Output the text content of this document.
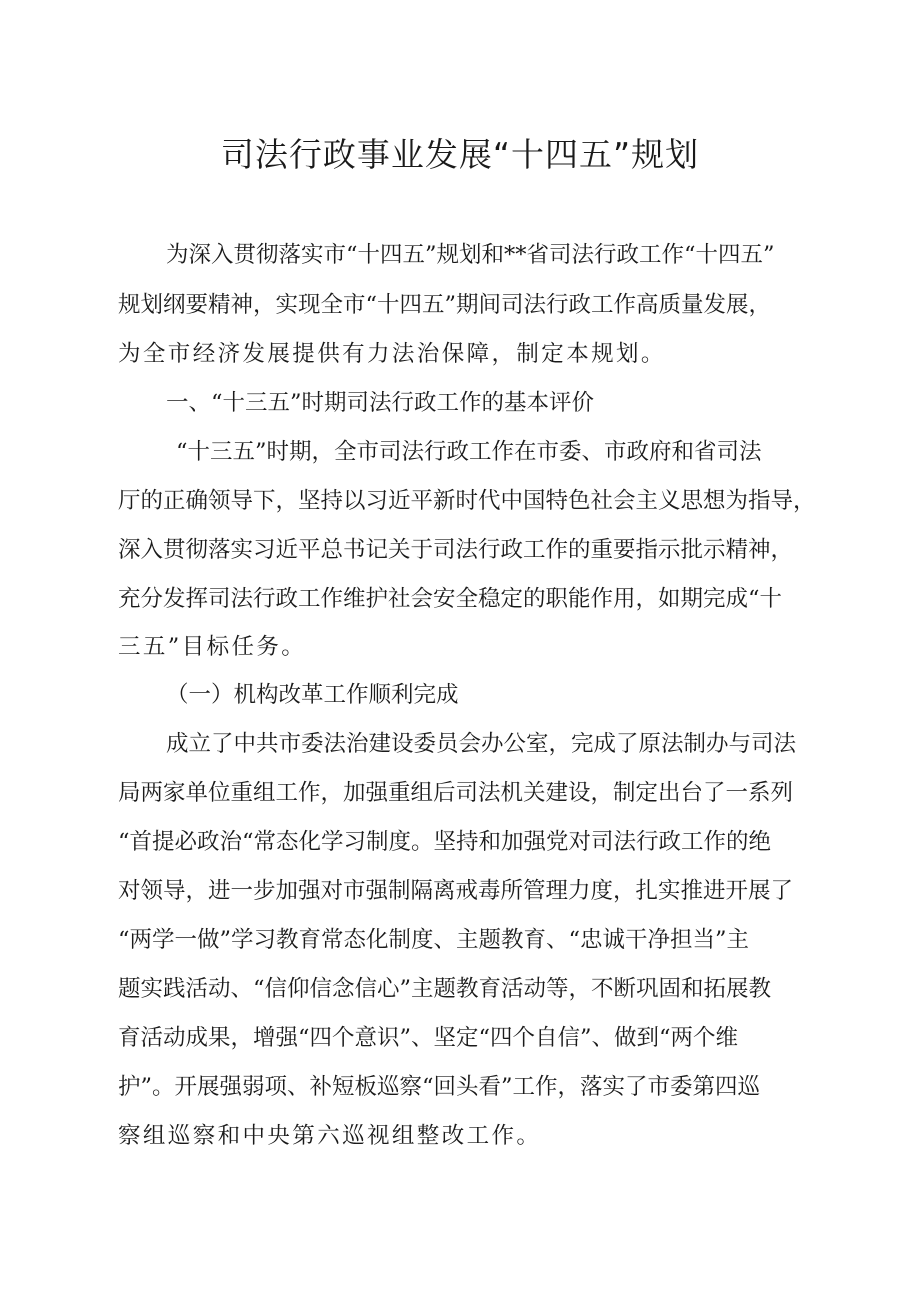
司法行政事业发展“十四五”规划

为深入贯彻落实市“十四五”规划和**省司法行政工作“十四五”

规划纲要精神，实现全市“十四五”期间司法行政工作高质量发展，

为全市经济发展提供有力法治保障，制定本规划。

一、“十三五”时期司法行政工作的基本评价

“十三五”时期，全市司法行政工作在市委、市政府和省司法

厅的正确领导下，坚持以习近平新时代中国特色社会主义思想为指导，

深入贯彻落实习近平总书记关于司法行政工作的重要指示批示精神，

充分发挥司法行政工作维护社会安全稳定的职能作用，如期完成“十

三五”目标任务。

（一）机构改革工作顺利完成

成立了中共市委法治建设委员会办公室，完成了原法制办与司法

局两家单位重组工作，加强重组后司法机关建设，制定出台了一系列

“首提必政治“常态化学习制度。坚持和加强党对司法行政工作的绝

对领导，进一步加强对市强制隔离戒毒所管理力度，扎实推进开展了

“两学一做”学习教育常态化制度、主题教育、“忠诚干净担当”主

题实践活动、“信仰信念信心”主题教育活动等，不断巩固和拓展教

育活动成果，增强“四个意识”、坚定“四个自信”、做到“两个维

护”。开展强弱项、补短板巡察“回头看”工作，落实了市委第四巡

察组巡察和中央第六巡视组整改工作。
